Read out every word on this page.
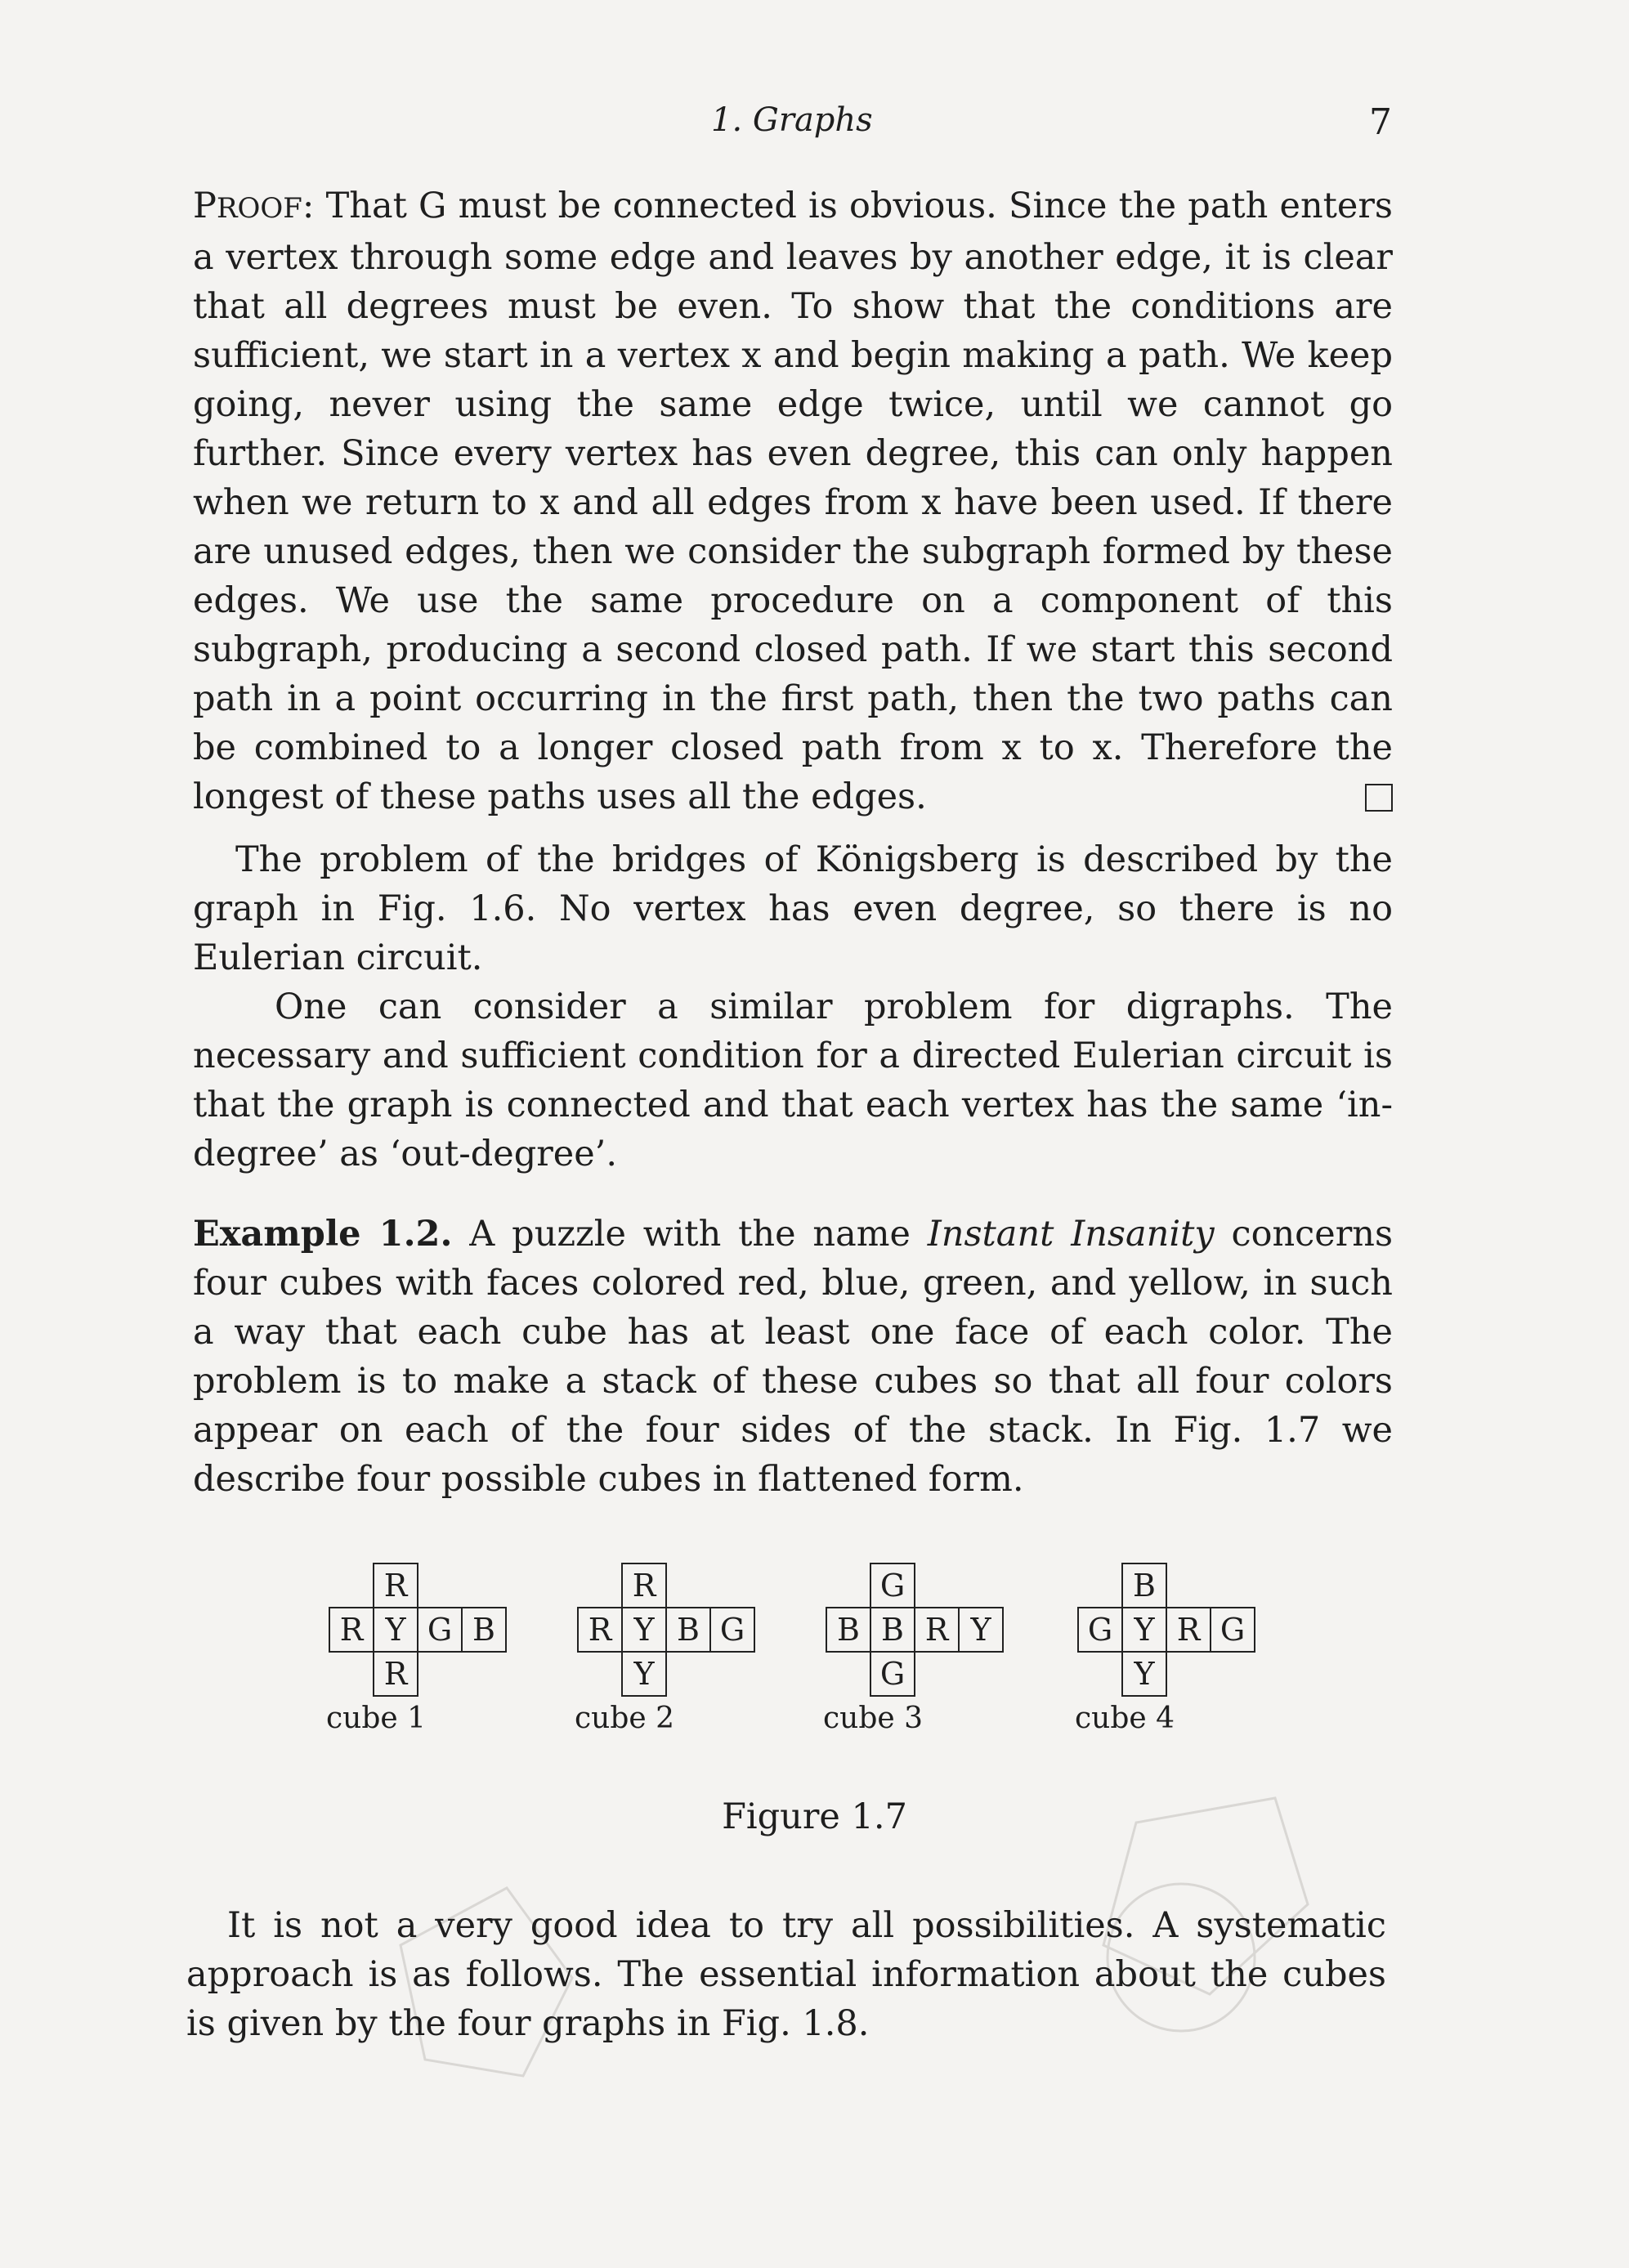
1. Graphs	7

PROOF: That G must be connected is obvious. Since the path enters a vertex through some edge and leaves by another edge, it is clear that all degrees must be even. To show that the conditions are sufficient, we start in a vertex x and begin making a path. We keep going, never using the same edge twice, until we cannot go further. Since every vertex has even degree, this can only happen when we return to x and all edges from x have been used. If there are unused edges, then we consider the subgraph formed by these edges. We use the same procedure on a component of this subgraph, producing a second closed path. If we start this second path in a point occurring in the first path, then the two paths can be combined to a longer closed path from x to x. Therefore the longest of these paths uses all the edges.

The problem of the bridges of Königsberg is described by the graph in Fig. 1.6. No vertex has even degree, so there is no Eulerian circuit.

One can consider a similar problem for digraphs. The necessary and sufficient condition for a directed Eulerian circuit is that the graph is connected and that each vertex has the same ‘in-degree’ as ‘out-degree’.

Example 1.2. A puzzle with the name Instant Insanity concerns four cubes with faces colored red, blue, green, and yellow, in such a way that each cube has at least one face of each color. The problem is to make a stack of these cubes so that all four colors appear on each of the four sides of the stack. In Fig. 1.7 we describe four possible cubes in flattened form.

R
R Y G B
R
cube 1
R
R Y B G
Y
cube 2
G
B B R Y
G
cube 3
B
G Y R G
Y
cube 4
Figure 1.7

It is not a very good idea to try all possibilities. A systematic approach is as follows. The essential information about the cubes is given by the four graphs in Fig. 1.8.
